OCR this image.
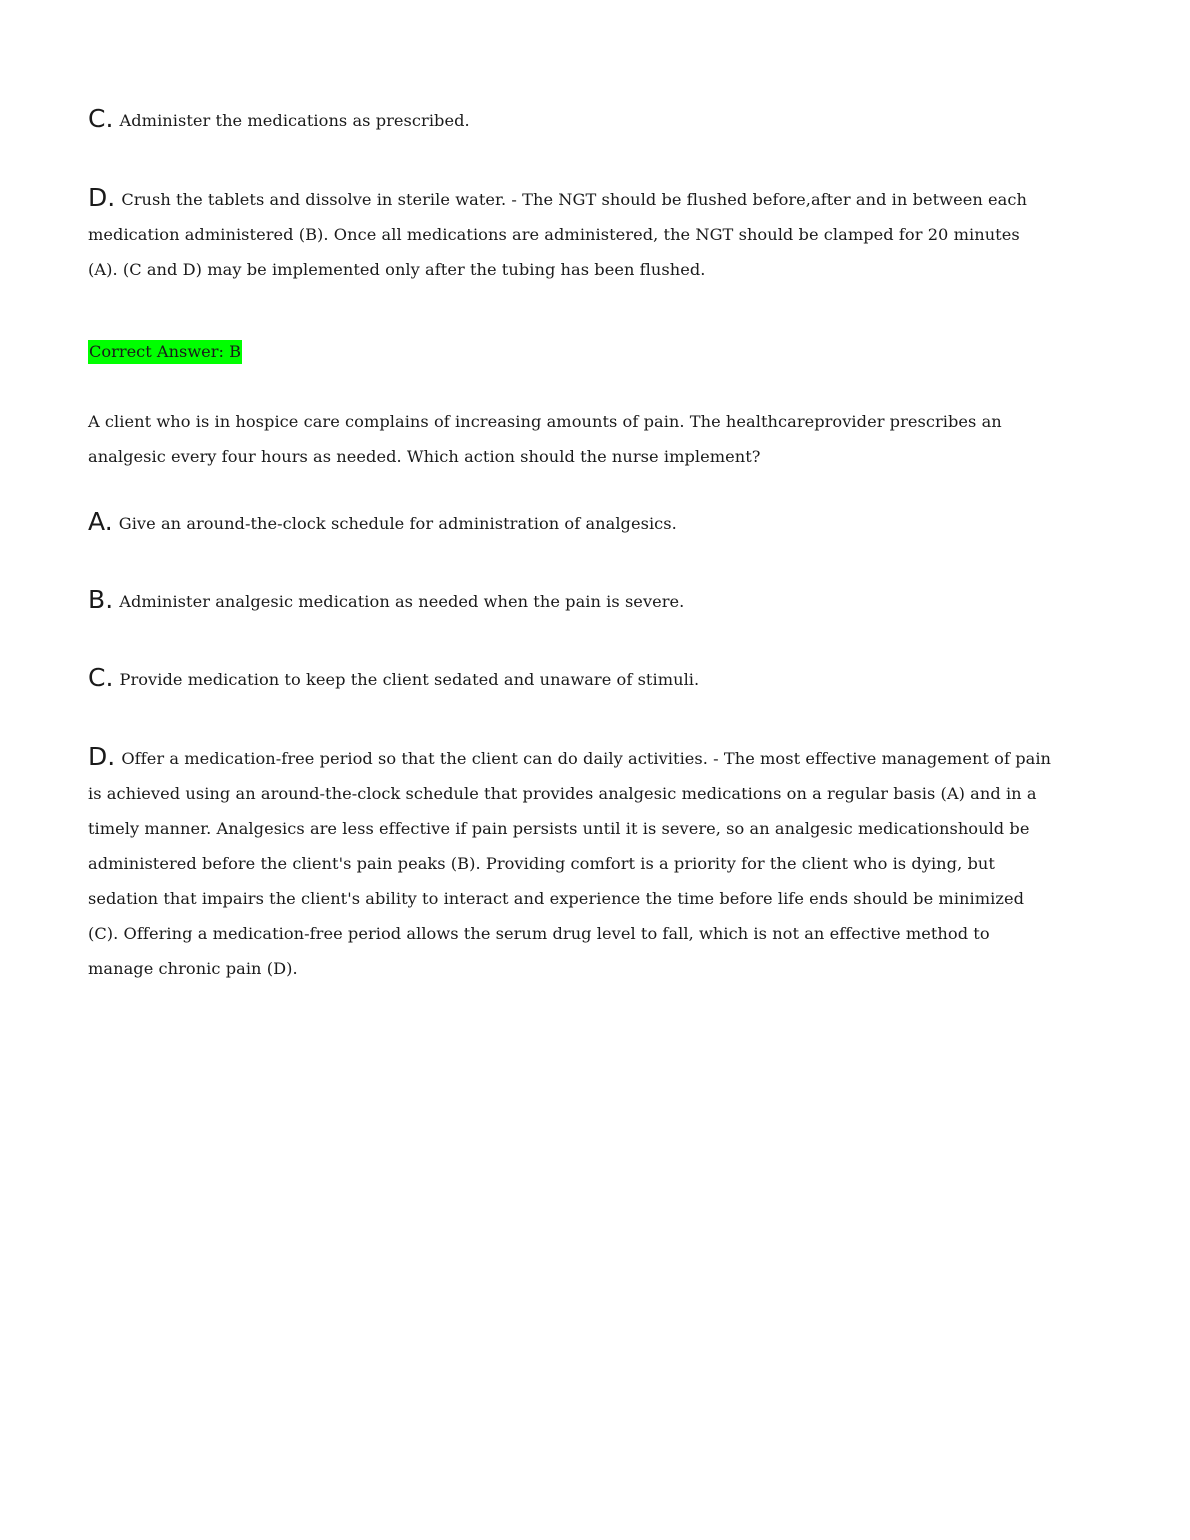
C. Administer the medications as prescribed.
D. Crush the tablets and dissolve in sterile water. - The NGT should be flushed before,after and in between each medication administered (B). Once all medications are administered, the NGT should be clamped for 20 minutes (A). (C and D) may be implemented only after the tubing has been flushed.
Correct Answer: B
A client who is in hospice care complains of increasing amounts of pain. The healthcareprovider prescribes an analgesic every four hours as needed. Which action should the nurse implement?
A. Give an around-the-clock schedule for administration of analgesics.
B. Administer analgesic medication as needed when the pain is severe.
C. Provide medication to keep the client sedated and unaware of stimuli.
D. Offer a medication-free period so that the client can do daily activities. - The most effective management of pain is achieved using an around-the-clock schedule that provides analgesic medications on a regular basis (A) and in a timely manner. Analgesics are less effective if pain persists until it is severe, so an analgesic medicationshould be administered before the client's pain peaks (B). Providing comfort is a priority for the client who is dying, but sedation that impairs the client's ability to interact and experience the time before life ends should be minimized (C). Offering a medication-free period allows the serum drug level to fall, which is not an effective method to manage chronic pain (D).
